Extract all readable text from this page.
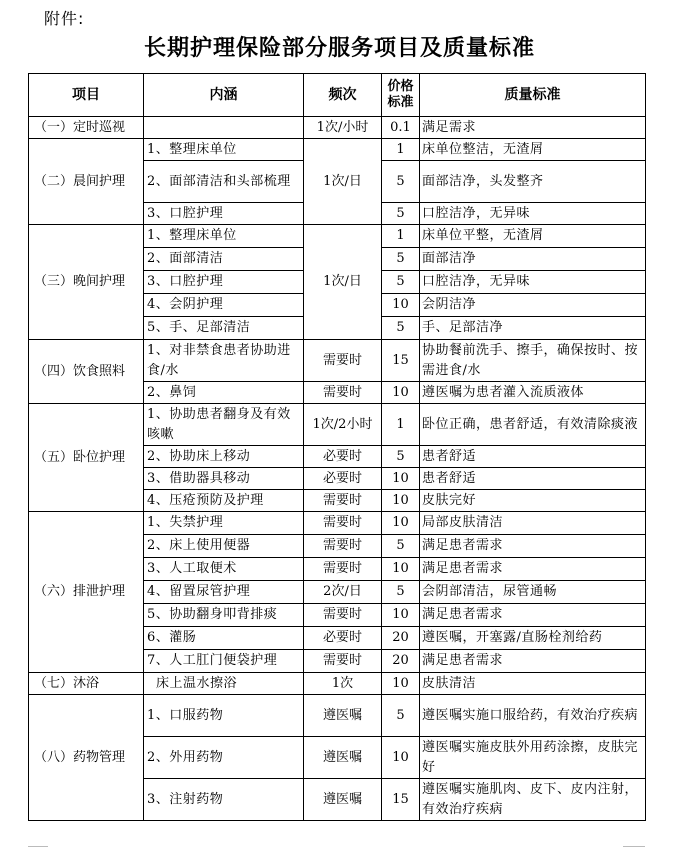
附件:
长期护理保险部分服务项目及质量标准
项目	内涵	频次	价格标准	质量标准
（一）定时巡视		1次/小时	0.1	满足需求
（二）晨间护理	1、整理床单位	1次/日	1	床单位整洁，无渣屑
	2、面部清洁和头部梳理		5	面部洁净，头发整齐
	3、口腔护理		5	口腔洁净，无异味
（三）晚间护理	1、整理床单位	1次/日	1	床单位平整，无渣屑
	2、面部清洁		5	面部洁净
	3、口腔护理		5	口腔洁净，无异味
	4、会阴护理		10	会阴洁净
	5、手、足部清洁		5	手、足部洁净
（四）饮食照料	1、对非禁食患者协助进食/水	需要时	15	协助餐前洗手、擦手，确保按时、按需进食/水
	2、鼻饲	需要时	10	遵医嘱为患者灌入流质液体
（五）卧位护理	1、协助患者翻身及有效咳嗽	1次/2小时	1	卧位正确，患者舒适，有效清除痰液
	2、协助床上移动	必要时	5	患者舒适
	3、借助器具移动	必要时	10	患者舒适
	4、压疮预防及护理	需要时	10	皮肤完好
（六）排泄护理	1、失禁护理	需要时	10	局部皮肤清洁
	2、床上使用便器	需要时	5	满足患者需求
	3、人工取便术	需要时	10	满足患者需求
	4、留置尿管护理	2次/日	5	会阴部清洁，尿管通畅
	5、协助翻身叩背排痰	需要时	10	满足患者需求
	6、灌肠	必要时	20	遵医嘱，开塞露/直肠栓剂给药
	7、人工肛门便袋护理	需要时	20	满足患者需求
（七）沐浴	床上温水擦浴	1次	10	皮肤清洁
（八）药物管理	1、口服药物	遵医嘱	5	遵医嘱实施口服给药，有效治疗疾病
	2、外用药物	遵医嘱	10	遵医嘱实施皮肤外用药涂擦，皮肤完好
	3、注射药物	遵医嘱	15	遵医嘱实施肌肉、皮下、皮内注射，有效治疗疾病
